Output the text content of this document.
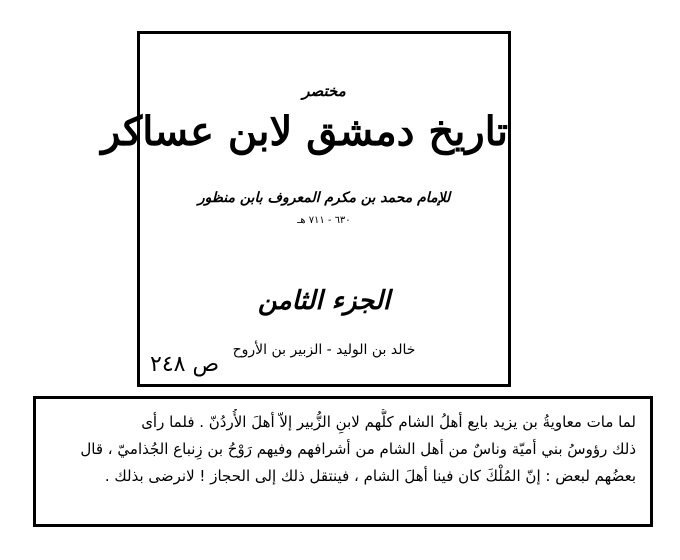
مختصر
تاريخ دمشق لابن عساكر
للإمام محمد بن مكرم المعروف بابن منظور
٦٣٠ - ٧١١ هـ
الجزء الثامن
خالد بن الوليد - الزبير بن الأروح
ص ٢٤٨

لما مات معاويةُ بن يزيد بايع أهلُ الشام كلُّهم لابنِ الزُّبير إلاّ أهلَ الأُردُنّ . فلما رأى

ذلك رؤوسُ بني أميّة وناسٌ من أهل الشام من أشرافهم وفيهم رَوْحُ بن زِنباع الجُذاميّ ، قال

بعضُهم لبعض : إنّ المُلْكَ كان فينا أهلَ الشام ، فينتقل ذلك إلى الحجاز ! لانرضى بذلك .
